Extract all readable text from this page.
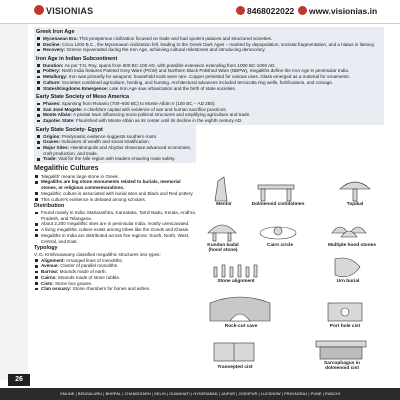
VISIONIAS	8468022022	www.visionias.in
Greek Iron Age
Mycenaean Era: This prosperous civilization focused on trade and had opulent palaces and structured societies.
Decline: Circa 1200 B.C., the Mycenaean civilization fell, leading to the Greek Dark Ages – marked by depopulation, societal fragmentation, and a hiatus in literacy.
Recovery: Greece rejuvenated during the Iron Age, achieving cultural milestones and introducing democracy.
Iron Age in Indian Subcontinent
Duration: As per T.N. Roy, spans from 600 BC-100 AD, with possible extension extending from 1000 BC-1000 AD.
Pottery: North India features Painted Grey Ware (PGW) and Northern Black Polished Ware (NBPW), megaliths define the Iron Age in peninsular India.
Metallurgy: Iron was primarily for weapons; household tools were rare. Copper persisted for various uses. Glass emerged as a material for ornaments.
Culture: Societies combined agriculture, herding, and hunting. Architectural advances included terracotta ring wells, fortifications, and coinage.
States/Kingdoms Emergence: Late Iron Age saw urbanization and the birth of state societies.
Early State Society of Meso America
Phases: Spanning from Rosario (700–500 BC) to Monte Albán II (100 BC – AD 250).
San José Mogote: A chiefdom capital with evidence of war and human sacrifice practices.
Monte Albán: A pivotal town influencing socio-political structures and amplifying agriculture and trade.
Zapotec State: Flourished with Monte Albán as its center until its decline in the eighth century AD.
Early State Society- Egypt
Origins: Predynastic evidence suggests southern roots.
Graves: Indicators of wealth and social stratification.
Major Sites: Hierakonpolis and Abydos showcase advanced economies, craft production, and trade.
Trade: Vital for the Nile region with leaders ensuring route safety.
Megalithic Cultures
'Megalith' means large stone in Greek.
Megaliths are big stone monuments related to burials, memorial stones, or religious commemorations.
Megalithic culture is associated with burial sites and Black and Red pottery.
This culture's existence is debated among scholars.
Distribution
Found mainly in India: Maharashtra, Karnataka, Tamil Nadu, Kerala, Andhra Pradesh, and Telangana.
About 2,200 megalithic sites are in peninsular India, mostly unexcavated.
A living megalithic culture exists among tribes like the Gonds and Khasis.
Megaliths in India are distributed across five regions: South, North, West, Central, and East.
Typology
V. D. Krishnaswamy classified megalithic structures into types:
Alignment: Arranged lines of menoliths.
Avenue: Cluster of parallel monoliths.
Barrow: Mounds made of earth.
Cairns: Mounds made of stone rubble.
Cists: Stone box graves.
Clan ossuary: Stone chambers for bones and ashes.
Menhir	Dolmenoid cist/dolmen	Topikal
Kundan kadal
(hood stone)
Cairn circle	Multiple hood stones
Stone alignment	Urn burial
Rock-cut cave	Port hole cist
Transepted cist
Sarcophagus in
dolmenoid cist
26
ONLINE | BENGALURU | BHOPAL | CHANDIGARH | DELHI | GUWAHATI | HYDERABAD | JAIPUR | JODHPUR | LUCKNOW | PRAYAGRAJ | PUNE | RANCHI
